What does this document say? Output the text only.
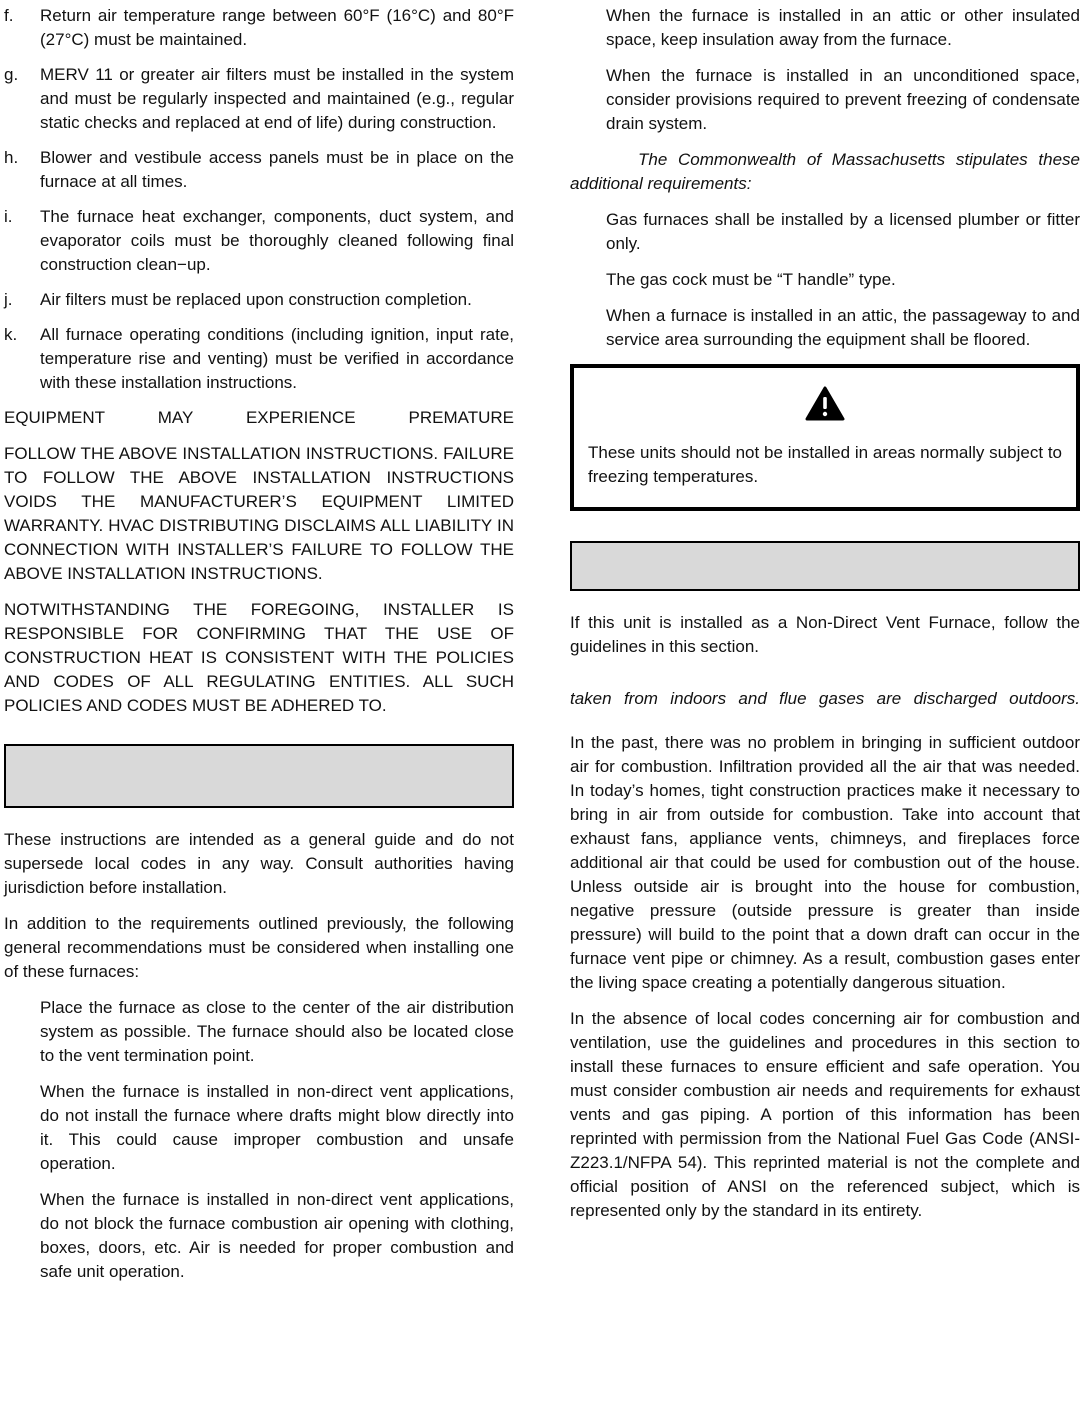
f.	Return air temperature range between 60°F (16°C) and 80°F (27°C) must be maintained.
g.	MERV 11 or greater air filters must be installed in the system and must be regularly inspected and maintained (e.g., regular static checks and replaced at end of life) during construction.
h.	Blower and vestibule access panels must be in place on the furnace at all times.
i.	The furnace heat exchanger, components, duct system, and evaporator coils must be thoroughly cleaned following final construction clean−up.
j.	Air filters must be replaced upon construction completion.
k.	All furnace operating conditions (including ignition, input rate, temperature rise and venting) must be verified in accordance with these installation instructions.

EQUIPMENT MAY EXPERIENCE PREMATURE

FOLLOW THE ABOVE INSTALLATION INSTRUCTIONS. FAILURE TO FOLLOW THE ABOVE INSTALLATION INSTRUCTIONS VOIDS THE MANUFACTURER’S EQUIPMENT LIMITED WARRANTY. HVAC DISTRIBUTING DISCLAIMS ALL LIABILITY IN CONNECTION WITH INSTALLER’S FAILURE TO FOLLOW THE ABOVE INSTALLATION INSTRUCTIONS.

NOTWITHSTANDING THE FOREGOING, INSTALLER IS RESPONSIBLE FOR CONFIRMING THAT THE USE OF CONSTRUCTION HEAT IS CONSISTENT WITH THE POLICIES AND CODES OF ALL REGULATING ENTITIES. ALL SUCH POLICIES AND CODES MUST BE ADHERED TO.

These instructions are intended as a general guide and do not supersede local codes in any way. Consult authorities having jurisdiction before installation.

In addition to the requirements outlined previously, the following general recommendations must be considered when installing one of these furnaces:

Place the furnace as close to the center of the air distribution system as possible. The furnace should also be located close to the vent termination point.

When the furnace is installed in non-direct vent applications, do not install the furnace where drafts might blow directly into it. This could cause improper combustion and unsafe operation.

When the furnace is installed in non-direct vent applications, do not block the furnace combustion air opening with clothing, boxes, doors, etc. Air is needed for proper combustion and safe unit operation.

When the furnace is installed in an attic or other insulated space, keep insulation away from the furnace.

When the furnace is installed in an unconditioned space, consider provisions required to prevent freezing of condensate drain system.

The Commonwealth of Massachusetts stipulates these additional requirements:

Gas furnaces shall be installed by a licensed plumber or fitter only.

The gas cock must be “T handle” type.

When a furnace is installed in an attic, the passageway to and service area surrounding the equipment shall be floored.

These units should not be installed in areas normally subject to freezing temperatures.

If this unit is installed as a Non-Direct Vent Furnace, follow the guidelines in this section.

taken from indoors and flue gases are discharged outdoors.

In the past, there was no problem in bringing in sufficient outdoor air for combustion. Infiltration provided all the air that was needed. In today’s homes, tight construction practices make it necessary to bring in air from outside for combustion. Take into account that exhaust fans, appliance vents, chimneys, and fireplaces force additional air that could be used for combustion out of the house. Unless outside air is brought into the house for combustion, negative pressure (outside pressure is greater than inside pressure) will build to the point that a down draft can occur in the furnace vent pipe or chimney. As a result, combustion gases enter the living space creating a potentially dangerous situation.

In the absence of local codes concerning air for combustion and ventilation, use the guidelines and procedures in this section to install these furnaces to ensure efficient and safe operation. You must consider combustion air needs and requirements for exhaust vents and gas piping. A portion of this information has been reprinted with permission from the National Fuel Gas Code (ANSI-Z223.1/NFPA 54). This reprinted material is not the complete and official position of ANSI on the referenced subject, which is represented only by the standard in its entirety.
